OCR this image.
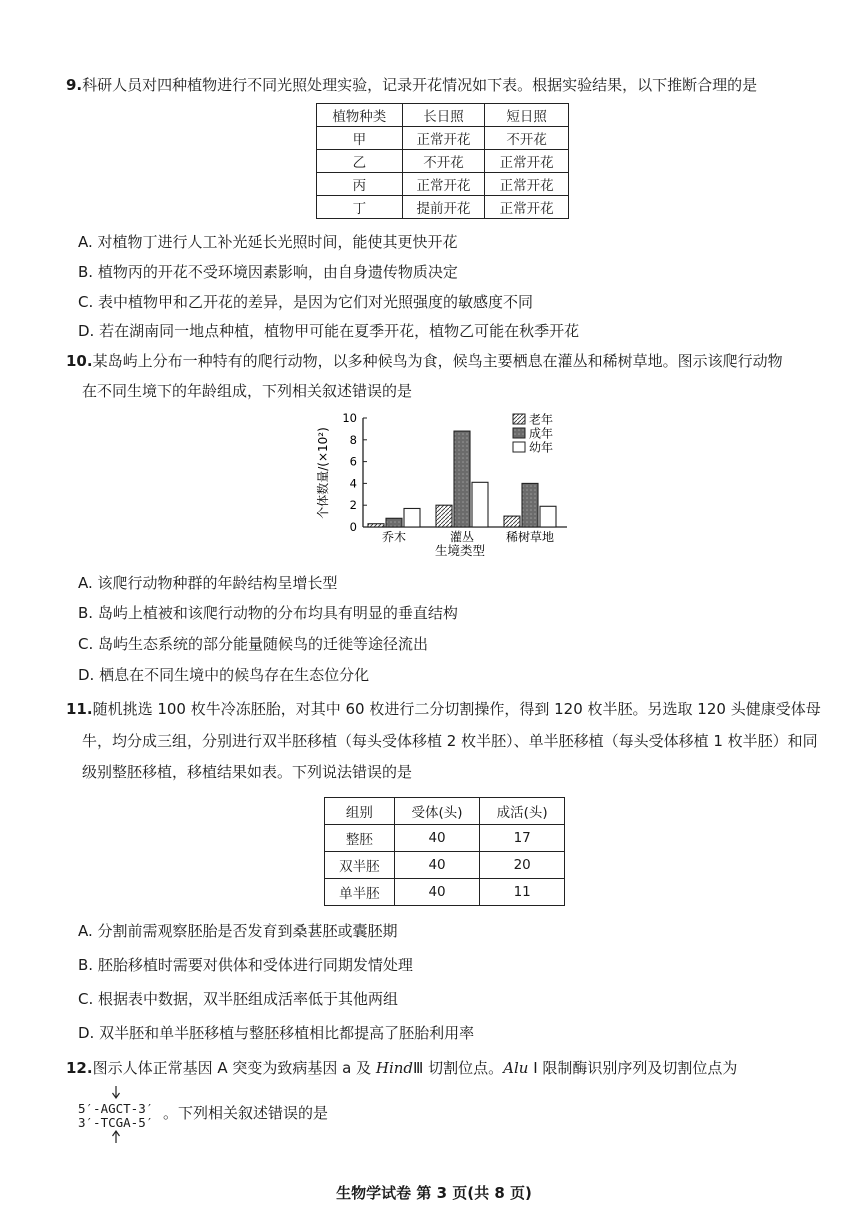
9.科研人员对四种植物进行不同光照处理实验，记录开花情况如下表。根据实验结果，以下推断合理的是
植物种类	长日照	短日照
甲	正常开花	不开花
乙	不开花	正常开花
丙	正常开花	正常开花
丁	提前开花	正常开花
A. 对植物丁进行人工补光延长光照时间，能使其更快开花
B. 植物丙的开花不受环境因素影响，由自身遗传物质决定
C. 表中植物甲和乙开花的差异，是因为它们对光照强度的敏感度不同
D. 若在湖南同一地点种植，植物甲可能在夏季开花，植物乙可能在秋季开花
10.某岛屿上分布一种特有的爬行动物，以多种候鸟为食，候鸟主要栖息在灌丛和稀树草地。图示该爬行动物
在不同生境下的年龄组成，下列相关叙述错误的是
个体数量/(×10²)
0
2
4
6
8
10
乔木	灌丛	稀树草地
老年
成年
幼年
生境类型
A. 该爬行动物种群的年龄结构呈增长型
B. 岛屿上植被和该爬行动物的分布均具有明显的垂直结构
C. 岛屿生态系统的部分能量随候鸟的迁徙等途径流出
D. 栖息在不同生境中的候鸟存在生态位分化
11.随机挑选 100 枚牛冷冻胚胎，对其中 60 枚进行二分切割操作，得到 120 枚半胚。另选取 120 头健康受体母
牛，均分成三组，分别进行双半胚移植（每头受体移植 2 枚半胚）、单半胚移植（每头受体移植 1 枚半胚）和同
级别整胚移植，移植结果如表。下列说法错误的是
组别	受体(头)	成活(头)
整胚	40	17
双半胚	40	20
单半胚	40	11
A. 分割前需观察胚胎是否发育到桑葚胚或囊胚期
B. 胚胎移植时需要对供体和受体进行同期发情处理
C. 根据表中数据，双半胚组成活率低于其他两组
D. 双半胚和单半胚移植与整胚移植相比都提高了胚胎利用率
12.图示人体正常基因 A 突变为致病基因 a 及 HindⅢ 切割位点。Alu Ⅰ 限制酶识别序列及切割位点为
5′-AGCT-3′
3′-TCGA-5′
。下列相关叙述错误的是
生物学试卷 第 3 页(共 8 页)
